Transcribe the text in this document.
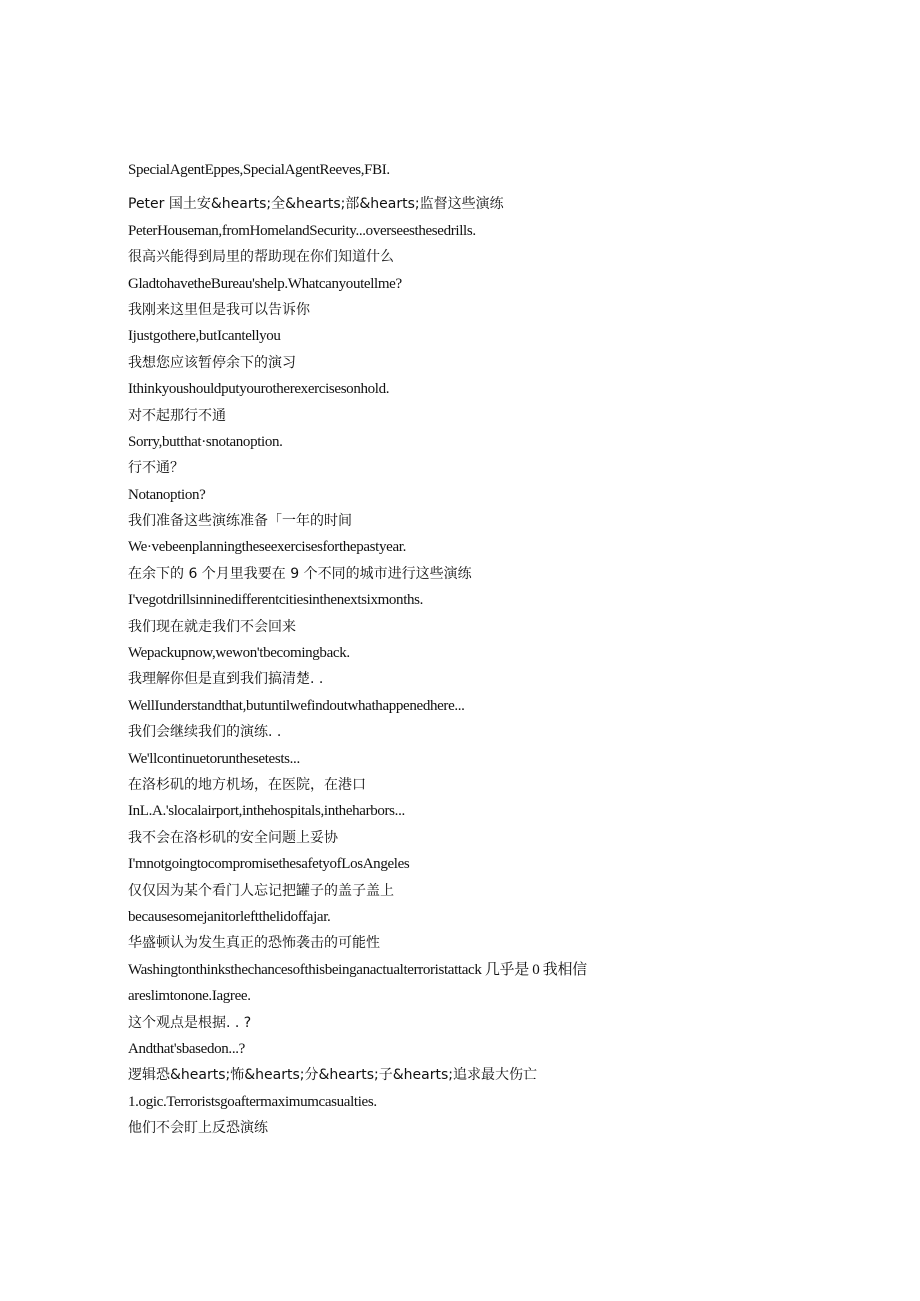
SpecialAgentEppes,SpecialAgentReeves,FBI.
Peter 国土安&hearts;全&hearts;部&hearts;监督这些演练
PeterHouseman,fromHomelandSecurity...overseesthesedrills.
很高兴能得到局里的帮助现在你们知道什么
GladtohavetheBureau'shelp.Whatcanyoutellme?
我刚来这里但是我可以告诉你
Ijustgothere,butIcantellyou
我想您应该暂停余下的演习
Ithinkyoushouldputyourotherexercisesonhold.
对不起那行不通
Sorry,butthat·snotanoption.
行不通？
Notanoption?
我们准备这些演练准备「一年的时间
We·vebeenplanningtheseexercisesforthepastyear.
在余下的 6 个月里我要在 9 个不同的城市进行这些演练
I'vegotdrillsinninedifferentcitiesinthenextsixmonths.
我们现在就走我们不会回来
Wepackupnow,wewon'tbecomingback.
我理解你但是直到我们搞清楚. .
WellIunderstandthat,butuntilwefindoutwhathappenedhere...
我们会继续我们的演练. .
We'llcontinuetorunthesetests...
在洛杉矶的地方机场，在医院，在港口
InL.A.'slocalairport,inthehospitals,intheharbors...
我不会在洛杉矶的安全问题上妥协
I'mnotgoingtocompromisethesafetyofLosAngeles
仅仅因为某个看门人忘记把罐子的盖子盖上
becausesomejanitorleftthelidoffajar.
华盛顿认为发生真正的恐怖袭击的可能性
Washingtonthinksthechancesofthisbeinganactualterroristattack 几乎是 0 我相信
areslimtonone.Iagree.
这个观点是根据. . ?
Andthat'sbasedon...?
逻辑恐&hearts;怖&hearts;分&hearts;子&hearts;追求最大伤亡
1.ogic.Terroristsgoaftermaximumcasualties.
他们不会盯上反恐演练
